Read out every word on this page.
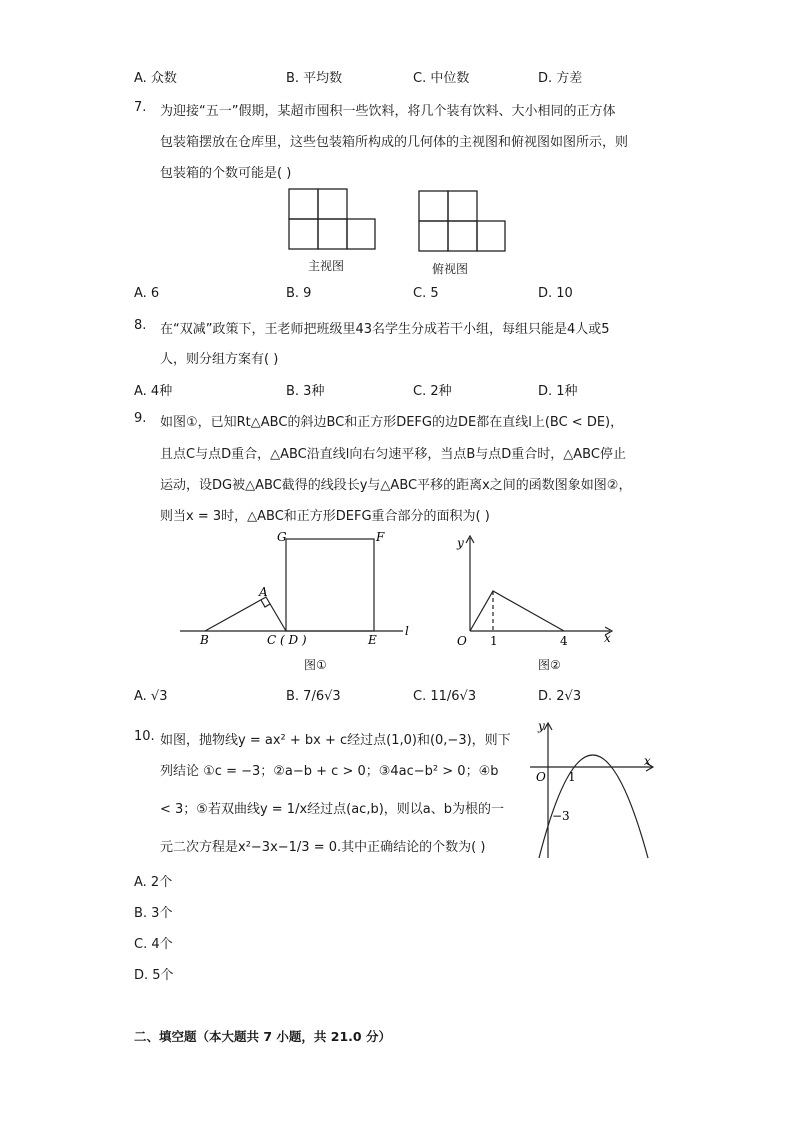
A. 众数	B. 平均数	C. 中位数	D. 方差
7. 为迎接“五一”假期，某超市囤积一些饮料，将几个装有饮料、大小相同的正方体
包装箱摆放在仓库里，这些包装箱所构成的几何体的主视图和俯视图如图所示，则
包装箱的个数可能是( )
主视图	俯视图
A. 6	B. 9	C. 5	D. 10
8. 在“双减”政策下，王老师把班级里43名学生分成若干小组，每组只能是4人或5
人，则分组方案有( )
A. 4种	B. 3种	C. 2种	D. 1种
9. 如图①，已知Rt△ABC的斜边BC和正方形DEFG的边DE都在直线l上(BC < DE)，
且点C与点D重合，△ABC沿直线l向右匀速平移，当点B与点D重合时，△ABC停止
运动，设DG被△ABC截得的线段长y与△ABC平移的距离x之间的函数图象如图②，
则当x = 3时，△ABC和正方形DEFG重合部分的面积为( )
G	F
A
B	C ( D )	E
l
图①
y
x
O 1	4
图②
A. √3	B. 7/6√3	C. 11/6√3	D. 2√3
10. 如图，抛物线y = ax² + bx + c经过点(1,0)和(0,−3)，则下
列结论 ①c = −3；②a−b + c > 0；③4ac−b² > 0；④b
< 3；⑤若双曲线y = 1/x经过点(ac,b)，则以a、b为根的一
元二次方程是x²−3x−1/3 = 0.其中正确结论的个数为( )
y
x
O 1
−3
A. 2个
B. 3个
C. 4个
D. 5个
二、填空题（本大题共 7 小题，共 21.0 分）
